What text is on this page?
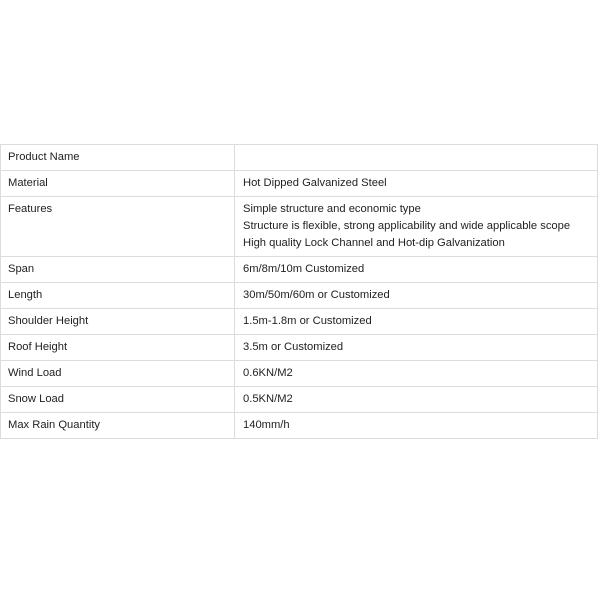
Product Name	
Material	Hot Dipped Galvanized Steel
Features	Simple structure and economic type
Structure is flexible, strong applicability and wide applicable scope
High quality Lock Channel and Hot-dip Galvanization

Span	6m/8m/10m Customized
Length	30m/50m/60m or Customized
Shoulder Height	1.5m-1.8m or Customized
Roof Height	3.5m or Customized
Wind Load	0.6KN/M2
Snow Load	0.5KN/M2
Max Rain Quantity	140mm/h
